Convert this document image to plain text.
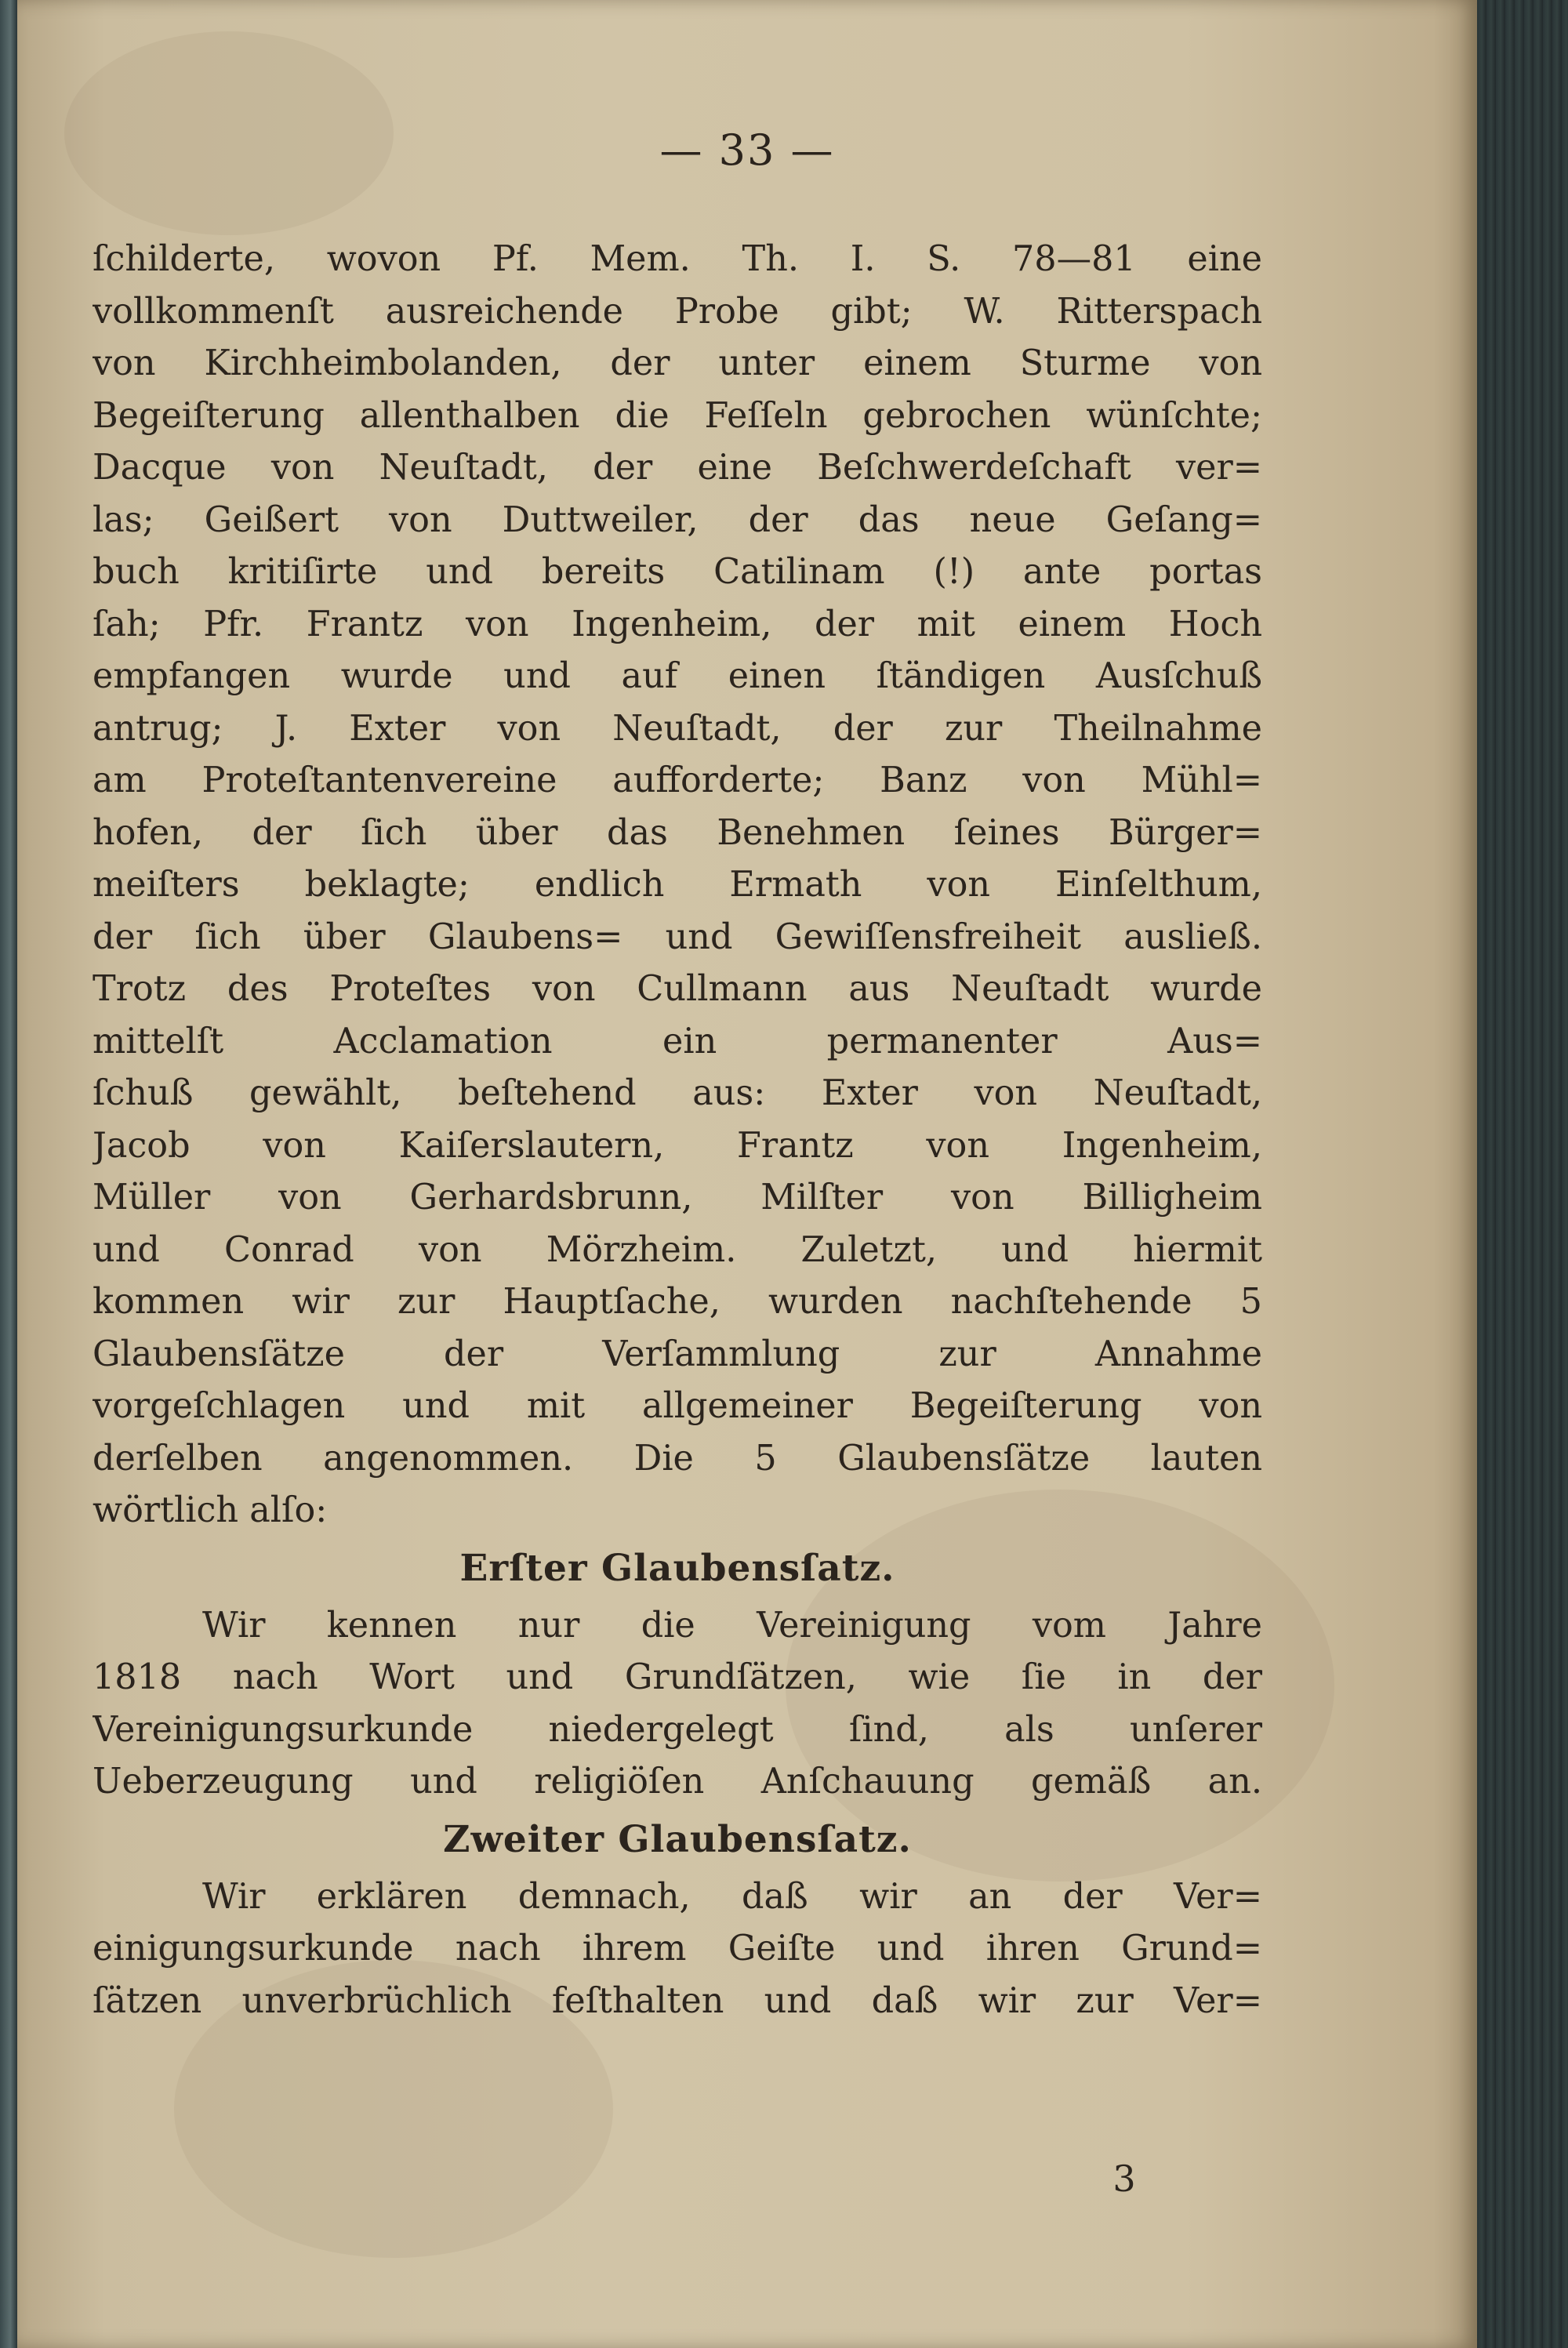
— 33 —
ſchilderte, wovon Pf. Mem. Th. I. S. 78—81 eine
vollkommenſt ausreichende Probe gibt; W. Ritterspach
von Kirchheimbolanden, der unter einem Sturme von
Begeiſterung allenthalben die Feſſeln gebrochen wünſchte;
Dacque von Neuſtadt, der eine Beſchwerdeſchaft ver=
las; Geißert von Duttweiler, der das neue Geſang=
buch kritiſirte und bereits Catilinam (!) ante portas
ſah; Pfr. Frantz von Ingenheim, der mit einem Hoch
empfangen wurde und auf einen ſtändigen Ausſchuß
antrug; J. Exter von Neuſtadt, der zur Theilnahme
am Proteſtantenvereine aufforderte; Banz von Mühl=
hofen, der ſich über das Benehmen ſeines Bürger=
meiſters beklagte; endlich Ermath von Einſelthum,
der ſich über Glaubens= und Gewiſſensfreiheit ausließ.
Trotz des Proteſtes von Cullmann aus Neuſtadt wurde
mittelſt Acclamation ein permanenter Aus=
ſchuß gewählt, beſtehend aus: Exter von Neuſtadt,
Jacob von Kaiſerslautern, Frantz von Ingenheim,
Müller von Gerhardsbrunn, Milſter von Billigheim
und Conrad von Mörzheim. Zuletzt, und hiermit
kommen wir zur Hauptſache, wurden nachſtehende 5
Glaubensſätze der Verſammlung zur Annahme
vorgeſchlagen und mit allgemeiner Begeiſterung von
derſelben angenommen. Die 5 Glaubensſätze lauten
wörtlich alſo:
Erſter Glaubensſatz.
Wir kennen nur die Vereinigung vom Jahre
1818 nach Wort und Grundſätzen, wie ſie in der
Vereinigungsurkunde niedergelegt ſind, als unſerer
Ueberzeugung und religiöſen Anſchauung gemäß an.
Zweiter Glaubensſatz.
Wir erklären demnach, daß wir an der Ver=
einigungsurkunde nach ihrem Geiſte und ihren Grund=
ſätzen unverbrüchlich feſthalten und daß wir zur Ver=
3
